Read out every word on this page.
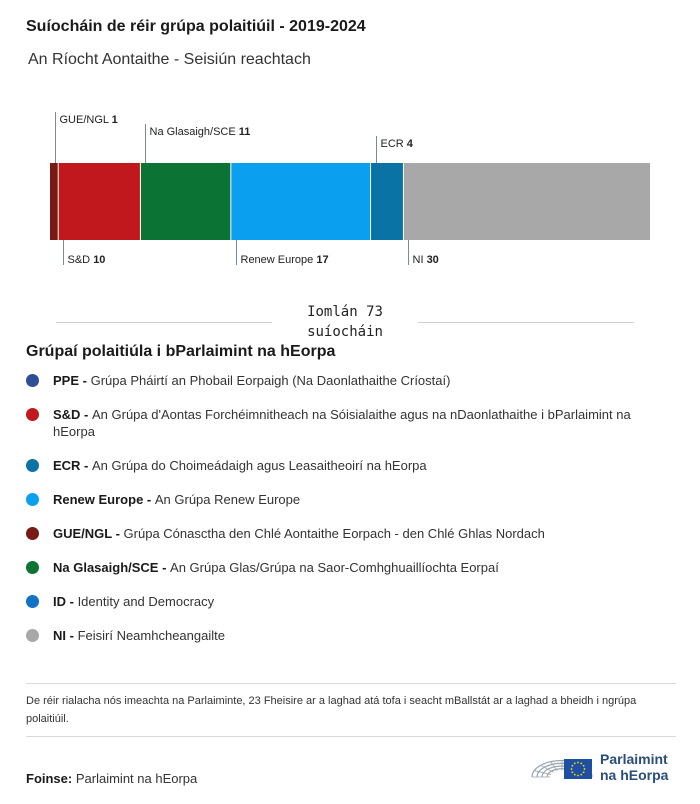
Suíocháin de réir grúpa polaitiúil - 2019-2024
An Ríocht Aontaithe - Seisiún reachtach
GUE/NGL 1
S&D 10
Na Glasaigh/SCE 11
Renew Europe 17
ECR 4
NI 30
Iomlán 73
suíocháin
Grúpaí polaitiúla i bParlaimint na hEorpa
PPE - Grúpa Pháirtí an Phobail Eorpaigh (Na Daonlathaithe Críostaí)
S&D - An Grúpa d'Aontas Forchéimnitheach na Sóisialaithe agus na nDaonlathaithe i bParlaimint na hEorpa
ECR - An Grúpa do Choimeádaigh agus Leasaitheoirí na hEorpa
Renew Europe - An Grúpa Renew Europe
GUE/NGL - Grúpa Cónasctha den Chlé Aontaithe Eorpach - den Chlé Ghlas Nordach
Na Glasaigh/SCE - An Grúpa Glas/Grúpa na Saor-Comhghuaillíochta Eorpaí
ID - Identity and Democracy
NI - Feisirí Neamhcheangailte
De réir rialacha nós imeachta na Parlaiminte, 23 Fheisire ar a laghad atá tofa i seacht mBallstát ar a laghad a bheidh i ngrúpa polaitiúil.
Foinse: Parlaimint na hEorpa
Parlaimint
na hEorpa
